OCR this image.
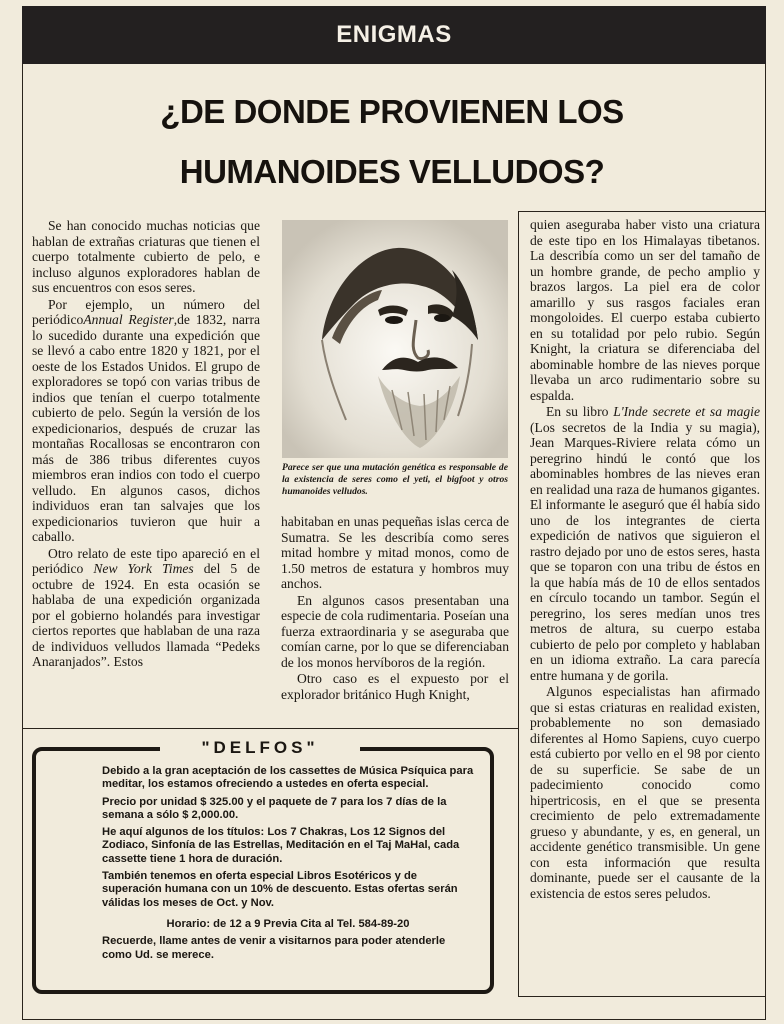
ENIGMAS
¿DE DONDE PROVIENEN LOS
HUMANOIDES VELLUDOS?

Se han conocido muchas noticias que hablan de extrañas criaturas que tienen el cuerpo totalmente cubierto de pelo, e incluso algunos exploradores hablan de sus encuentros con esos seres.

Por ejemplo, un número del periódicoAnnual Register,de 1832, narra lo sucedido durante una expedición que se llevó a cabo entre 1820 y 1821, por el oeste de los Estados Unidos. El grupo de exploradores se topó con varias tribus de indios que tenían el cuerpo totalmente cubierto de pelo. Según la versión de los expedicionarios, después de cruzar las montañas Rocallosas se encontraron con más de 386 tribus diferentes cuyos miembros eran indios con todo el cuerpo velludo. En algunos casos, dichos individuos eran tan salvajes que los expedicionarios tuvieron que huir a caballo.

Otro relato de este tipo apareció en el periódico New York Times del 5 de octubre de 1924. En esta ocasión se hablaba de una expedición organizada por el gobierno holandés para investigar ciertos reportes que hablaban de una raza de individuos velludos llamada “Pedeks Anaranjados”. Estos

Parece ser que una mutación genética es responsable de la existencia de seres como el yeti, el bigfoot y otros humanoides velludos.

habitaban en unas pequeñas islas cerca de Sumatra. Se les describía como seres mitad hombre y mitad monos, como de 1.50 metros de estatura y hombros muy anchos.

En algunos casos presentaban una especie de cola rudimentaria. Poseían una fuerza extraordinaria y se aseguraba que comían carne, por lo que se diferenciaban de los monos hervíboros de la región.

Otro caso es el expuesto por el explorador británico Hugh Knight,

quien aseguraba haber visto una criatura de este tipo en los Himalayas tibetanos. La describía como un ser del tamaño de un hombre grande, de pecho amplio y brazos largos. La piel era de color amarillo y sus rasgos faciales eran mongoloides. El cuerpo estaba cubierto en su totalidad por pelo rubio. Según Knight, la criatura se diferenciaba del abominable hombre de las nieves porque llevaba un arco rudimentario sobre su espalda.

En su libro L'Inde secrete et sa magie (Los secretos de la India y su magia), Jean Marques-Riviere relata cómo un peregrino hindú le contó que los abominables hombres de las nieves eran en realidad una raza de humanos gigantes. El informante le aseguró que él había sido uno de los integrantes de cierta expedición de nativos que siguieron el rastro dejado por uno de estos seres, hasta que se toparon con una tribu de éstos en la que había más de 10 de ellos sentados en círculo tocando un tambor. Según el peregrino, los seres medían unos tres metros de altura, su cuerpo estaba cubierto de pelo por completo y hablaban en un idioma extraño. La cara parecía entre humana y de gorila.

Algunos especialistas han afirmado que si estas criaturas en realidad existen, probablemente no son demasiado diferentes al Homo Sapiens, cuyo cuerpo está cubierto por vello en el 98 por ciento de su superficie. Se sabe de un padecimiento conocido como hipertricosis, en el que se presenta crecimiento de pelo extremadamente grueso y abundante, y es, en general, un accidente genético transmisible. Un gene con esta información que resulta dominante, puede ser el causante de la existencia de estos seres peludos.

Debido a la gran aceptación de los cassettes de Música Psíquica para meditar, los estamos ofreciendo a ustedes en oferta especial.

Precio por unidad $ 325.00 y el paquete de 7 para los 7 días de la semana a sólo $ 2,000.00.

He aquí algunos de los títulos: Los 7 Chakras, Los 12 Signos del Zodiaco, Sinfonía de las Estrellas, Meditación en el Taj MaHal, cada cassette tiene 1 hora de duración.

También tenemos en oferta especial Libros Esotéricos y de superación humana con un 10% de descuento. Estas ofertas serán válidas los meses de Oct. y Nov.

Horario: de 12 a 9 Previa Cita al Tel. 584-89-20

Recuerde, llame antes de venir a visitarnos para poder atenderle como Ud. se merece.

"DELFOS"
